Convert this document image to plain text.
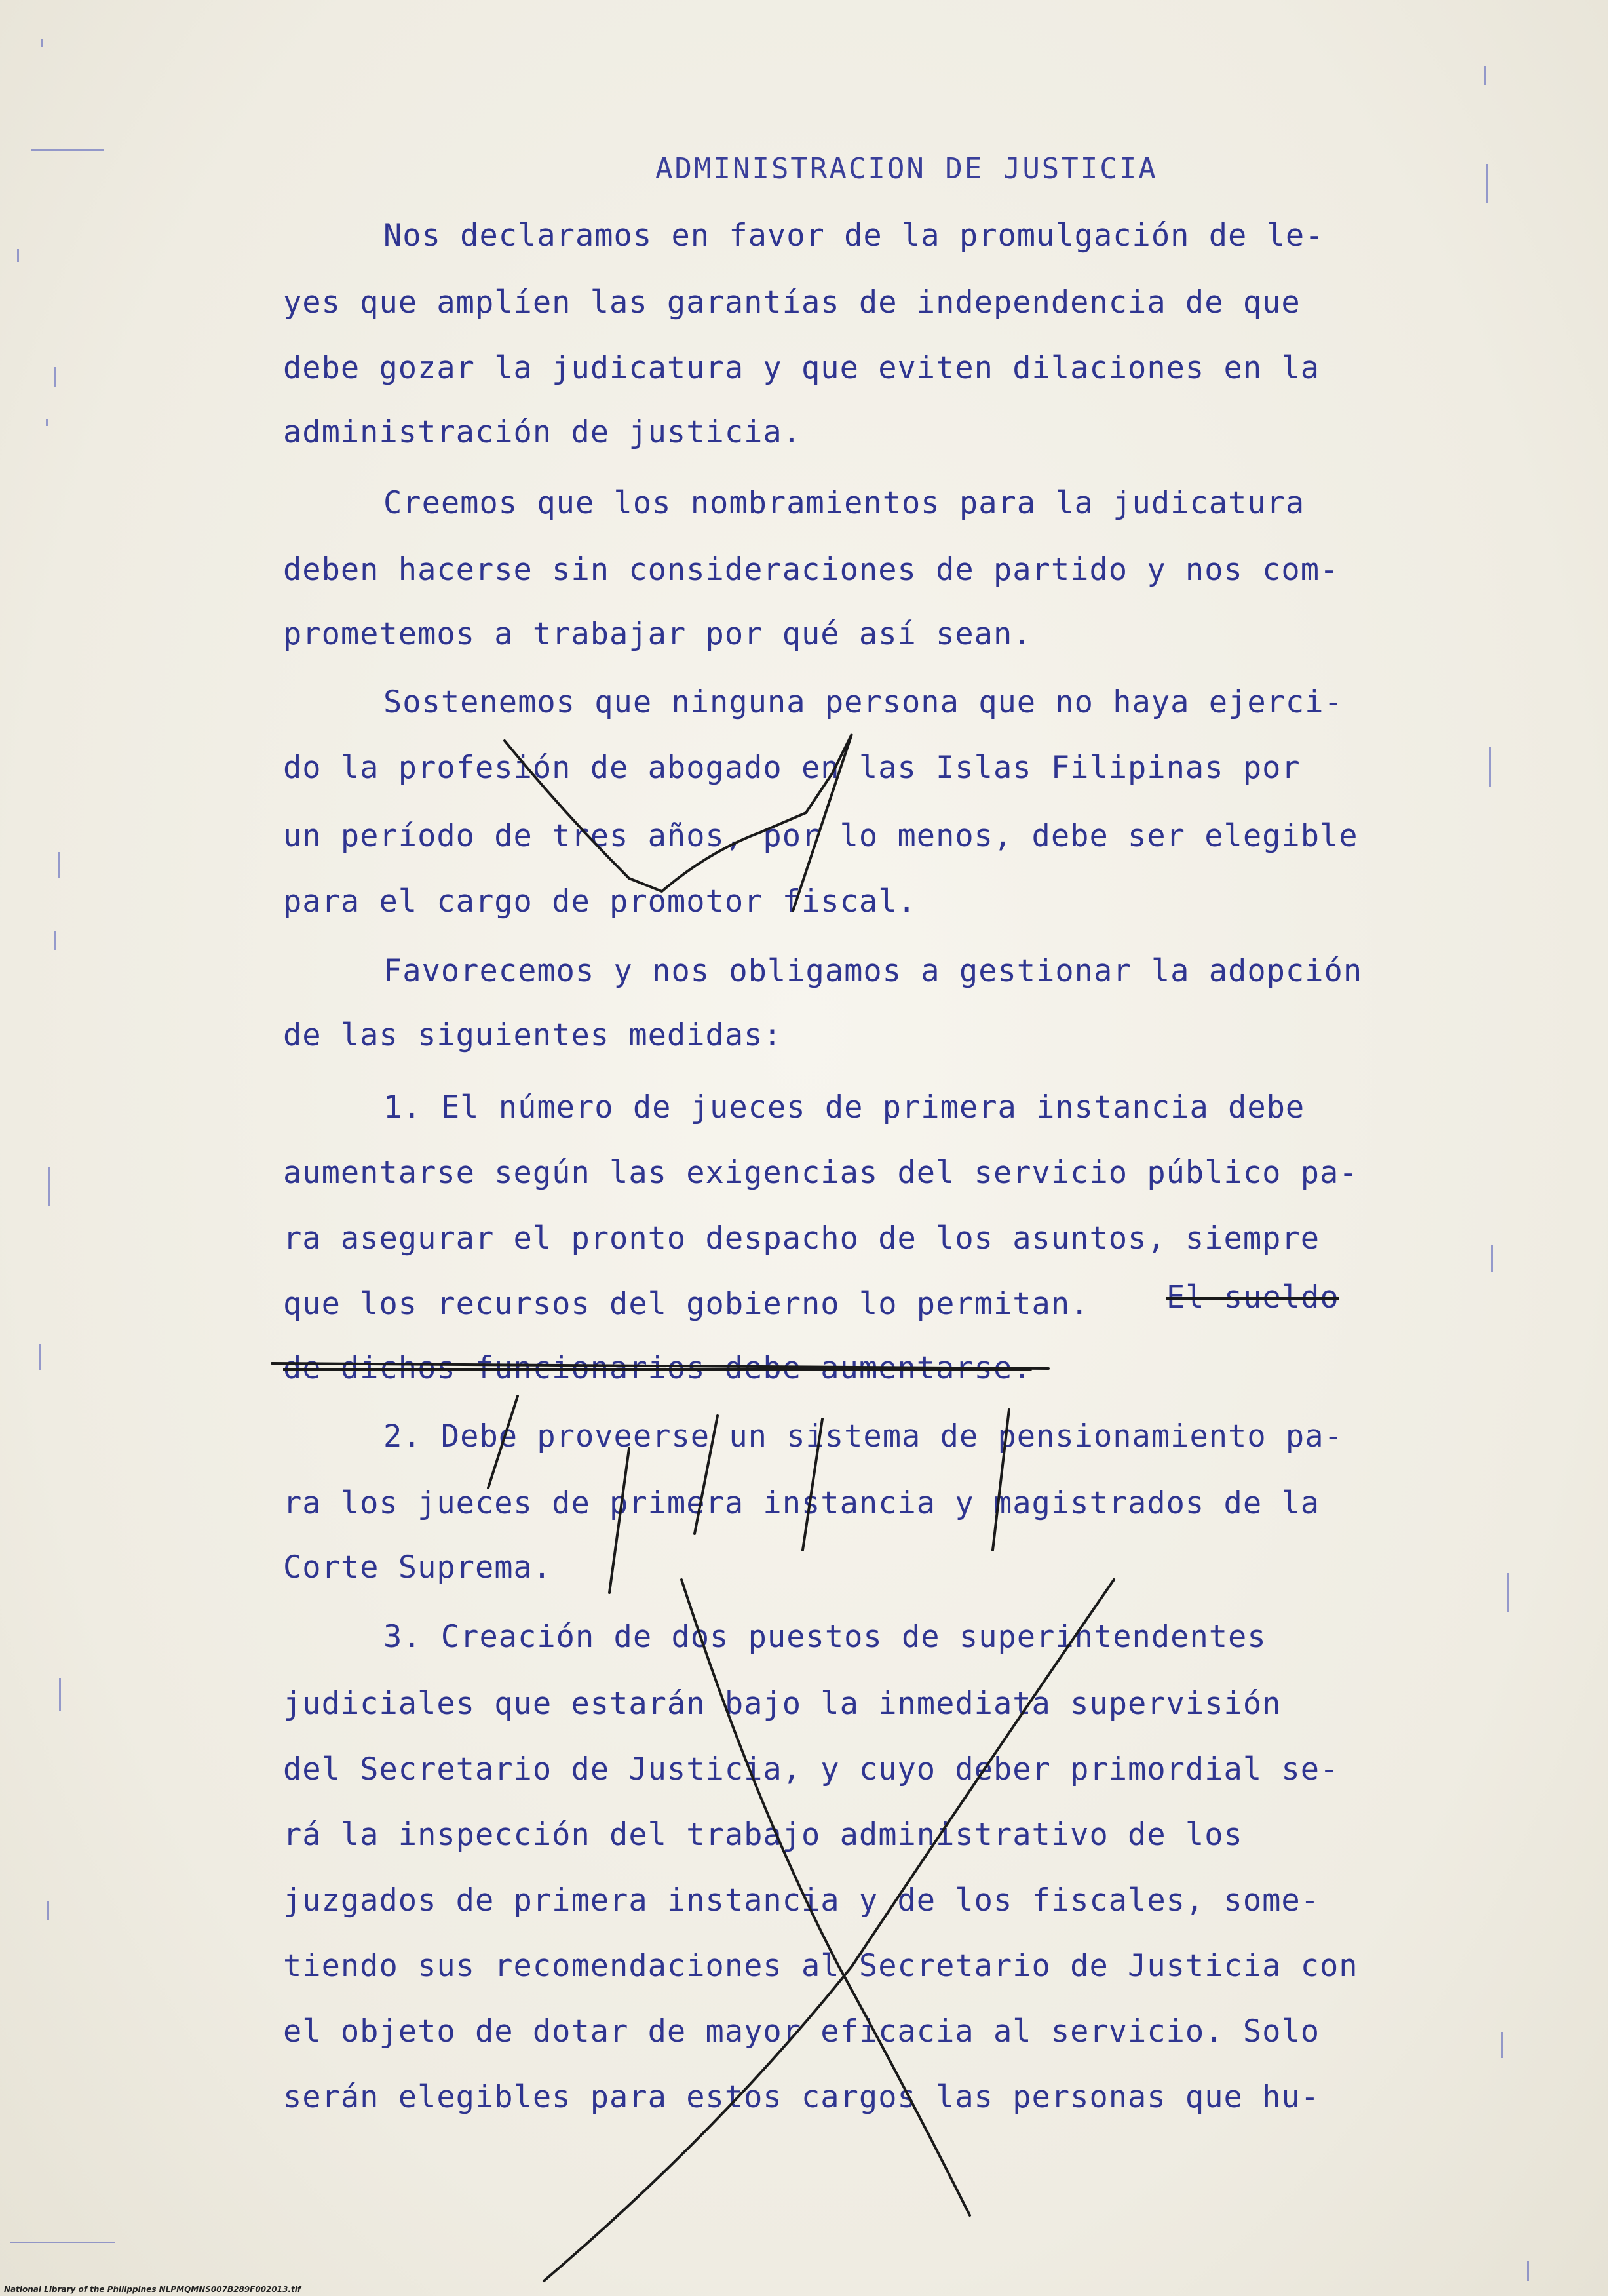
ADMINISTRACION DE JUSTICIA
Nos declaramos en favor de la promulgación de le-
yes que amplíen las garantías de independencia de que
debe gozar la judicatura y que eviten dilaciones en la
administración de justicia.
Creemos que los nombramientos para la judicatura
deben hacerse sin consideraciones de partido y nos com-
prometemos a trabajar por qué así sean.
Sostenemos que ninguna persona que no haya ejerci-
do la profesión de abogado en las Islas Filipinas por
un período de tres años, por lo menos, debe ser elegible
para el cargo de promotor fiscal.
Favorecemos y nos obligamos a gestionar la adopción
de las siguientes medidas:
1. El número de jueces de primera instancia debe
aumentarse según las exigencias del servicio público pa-
ra asegurar el pronto despacho de los asuntos, siempre
que los recursos del gobierno lo permitan.
de dichos funcionarios debe aumentarse.
2. Debe proveerse un sistema de pensionamiento pa-
ra los jueces de primera instancia y magistrados de la
Corte Suprema.
3. Creación de dos puestos de superintendentes
judiciales que estarán bajo la inmediata supervisión
del Secretario de Justicia, y cuyo deber primordial se-
rá la inspección del trabajo administrativo de los
juzgados de primera instancia y de los fiscales, some-
tiendo sus recomendaciones al Secretario de Justicia con
el objeto de dotar de mayor eficacia al servicio. Solo
serán elegibles para estos cargos las personas que hu-
El sueldo
National Library of the Philippines NLPMQMNS007B289F002013.tif
